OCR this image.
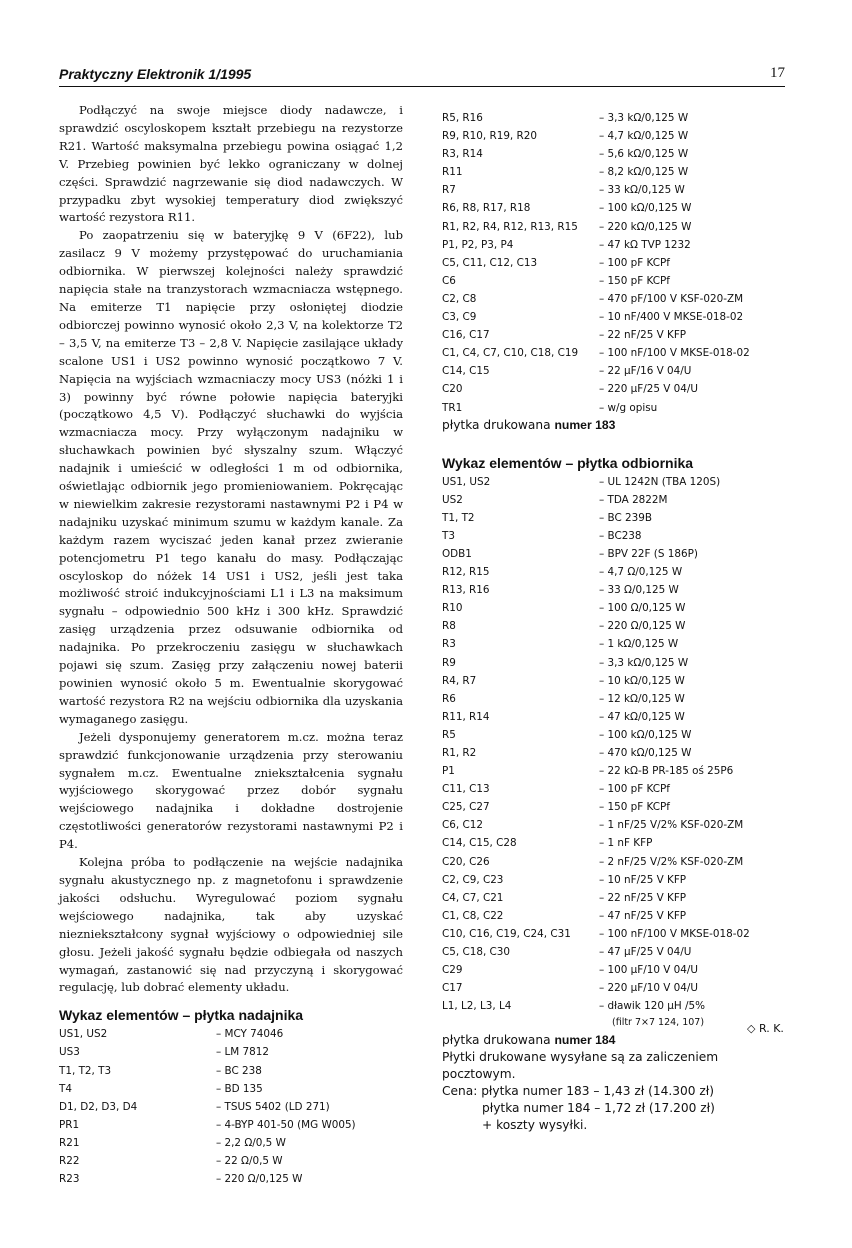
Praktyczny Elektronik 1/1995	17

Podłączyć na swoje miejsce diody nadawcze, i sprawdzić oscyloskopem kształt przebiegu na rezystorze R21. Wartość maksymalna przebiegu powina osiągać 1,2 V. Przebieg powinien być lekko ograniczany w dolnej części. Sprawdzić nagrzewanie się diod nadawczych. W przypadku zbyt wysokiej temperatury diod zwiększyć wartość rezystora R11.

Po zaopatrzeniu się w bateryjkę 9 V (6F22), lub zasilacz 9 V możemy przystępować do uruchamiania odbiornika. W pierwszej kolejności należy sprawdzić napięcia stałe na tranzystorach wzmacniacza wstępnego. Na emiterze T1 napięcie przy osłoniętej diodzie odbiorczej powinno wynosić około 2,3 V, na kolektorze T2 – 3,5 V, na emiterze T3 – 2,8 V. Napięcie zasilające układy scalone US1 i US2 powinno wynosić początkowo 7 V. Napięcia na wyjściach wzmacniaczy mocy US3 (nóżki 1 i 3) powinny być równe połowie napięcia bateryjki (początkowo 4,5 V). Podłączyć słuchawki do wyjścia wzmacniacza mocy. Przy wyłączonym nadajniku w słuchawkach powinien być słyszalny szum. Włączyć nadajnik i umieścić w odległości 1 m od odbiornika, oświetlając odbiornik jego promieniowaniem. Pokręcając w niewielkim zakresie rezystorami nastawnymi P2 i P4 w nadajniku uzyskać minimum szumu w każdym kanale. Za każdym razem wyciszać jeden kanał przez zwieranie potencjometru P1 tego kanału do masy. Podłączając oscyloskop do nóżek 14 US1 i US2, jeśli jest taka możliwość stroić indukcyjnościami L1 i L3 na maksimum sygnału – odpowiednio 500 kHz i 300 kHz. Sprawdzić zasięg urządzenia przez odsuwanie odbiornika od nadajnika. Po przekroczeniu zasięgu w słuchawkach pojawi się szum. Zasięg przy załączeniu nowej baterii powinien wynosić około 5 m. Ewentualnie skorygować wartość rezystora R2 na wejściu odbiornika dla uzyskania wymaganego zasięgu.

Jeżeli dysponujemy generatorem m.cz. można teraz sprawdzić funkcjonowanie urządzenia przy sterowaniu sygnałem m.cz. Ewentualne zniekształcenia sygnału wyjściowego skorygować przez dobór sygnału wejściowego nadajnika i dokładne dostrojenie częstotliwości generatorów rezystorami nastawnymi P2 i P4.

Kolejna próba to podłączenie na wejście nadajnika sygnału akustycznego np. z magnetofonu i sprawdzenie jakości odsłuchu. Wyregulować poziom sygnału wejściowego nadajnika, tak aby uzyskać niezniekształcony sygnał wyjściowy o odpowiedniej sile głosu. Jeżeli jakość sygnału będzie odbiegała od naszych wymagań, zastanowić się nad przyczyną i skorygować regulację, lub dobrać elementy układu.

Wykaz elementów – płytka nadajnika
US1, US2	– MCY 74046
US3	– LM 7812
T1, T2, T3	– BC 238
T4	– BD 135
D1, D2, D3, D4	– TSUS 5402 (LD 271)
PR1	– 4-BYP 401-50 (MG W005)
R21	– 2,2 Ω/0,5 W
R22	– 22 Ω/0,5 W
R23	– 220 Ω/0,125 W
R5, R16	– 3,3 kΩ/0,125 W
R9, R10, R19, R20	– 4,7 kΩ/0,125 W
R3, R14	– 5,6 kΩ/0,125 W
R11	– 8,2 kΩ/0,125 W
R7	– 33 kΩ/0,125 W
R6, R8, R17, R18	– 100 kΩ/0,125 W
R1, R2, R4, R12, R13, R15	– 220 kΩ/0,125 W
P1, P2, P3, P4	– 47 kΩ TVP 1232
C5, C11, C12, C13	– 100 pF KCPf
C6	– 150 pF KCPf
C2, C8	– 470 pF/100 V KSF-020-ZM
C3, C9	– 10 nF/400 V MKSE-018-02
C16, C17	– 22 nF/25 V KFP
C1, C4, C7, C10, C18, C19	– 100 nF/100 V MKSE-018-02
C14, C15	– 22 μF/16 V 04/U
C20	– 220 μF/25 V 04/U
TR1	– w/g opisu

płytka drukowana numer 183

Wykaz elementów – płytka odbiornika
US1, US2	– UL 1242N (TBA 120S)
US2	– TDA 2822M
T1, T2	– BC 239B
T3	– BC238
ODB1	– BPV 22F (S 186P)
R12, R15	– 4,7 Ω/0,125 W
R13, R16	– 33 Ω/0,125 W
R10	– 100 Ω/0,125 W
R8	– 220 Ω/0,125 W
R3	– 1 kΩ/0,125 W
R9	– 3,3 kΩ/0,125 W
R4, R7	– 10 kΩ/0,125 W
R6	– 12 kΩ/0,125 W
R11, R14	– 47 kΩ/0,125 W
R5	– 100 kΩ/0,125 W
R1, R2	– 470 kΩ/0,125 W
P1	– 22 kΩ-B PR-185 oś 25P6
C11, C13	– 100 pF KCPf
C25, C27	– 150 pF KCPf
C6, C12	– 1 nF/25 V/2% KSF-020-ZM
C14, C15, C28	– 1 nF KFP
C20, C26	– 2 nF/25 V/2% KSF-020-ZM
C2, C9, C23	– 10 nF/25 V KFP
C4, C7, C21	– 22 nF/25 V KFP
C1, C8, C22	– 47 nF/25 V KFP
C10, C16, C19, C24, C31	– 100 nF/100 V MKSE-018-02
C5, C18, C30	– 47 μF/25 V 04/U
C29	– 100 μF/10 V 04/U
C17	– 220 μF/10 V 04/U
L1, L2, L3, L4	– dławik 120 μH /5%
(filtr 7×7 124, 107)

płytka drukowana numer 184

Płytki drukowane wysyłane są za zaliczeniem pocztowym.

Cena: płytka numer 183 – 1,43 zł (14.300 zł)

płytka numer 184 – 1,72 zł (17.200 zł)

+ koszty wysyłki.

◇ R. K.
